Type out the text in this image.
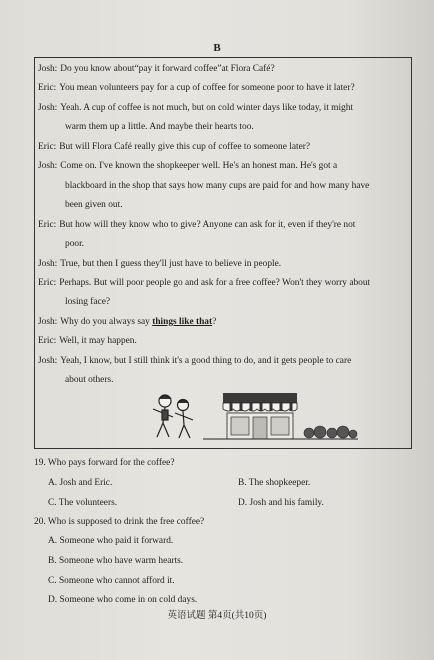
B
Josh: Do you know about“pay it forward coffee”at Flora Café?
Eric: You mean volunteers pay for a cup of coffee for someone poor to have it later?
Josh: Yeah. A cup of coffee is not much, but on cold winter days like today, it might
warm them up a little. And maybe their hearts too.
Eric: But will Flora Café really give this cup of coffee to someone later?
Josh: Come on. I've known the shopkeeper well. He's an honest man. He's got a
blackboard in the shop that says how many cups are paid for and how many have
been given out.
Eric: But how will they know who to give? Anyone can ask for it, even if they're not
poor.
Josh: True, but then I guess they'll just have to believe in people.
Eric: Perhaps. But will poor people go and ask for a free coffee? Won't they worry about
losing face?
Josh: Why do you always say things like that?
Eric: Well, it may happen.
Josh: Yeah, I know, but I still think it's a good thing to do, and it gets people to care
about others.
19. Who pays forward for the coffee?
A. Josh and Eric.	B. The shopkeeper.
C. The volunteers.	D. Josh and his family.
20. Who is supposed to drink the free coffee?
A. Someone who paid it forward.
B. Someone who have warm hearts.
C. Someone who cannot afford it.
D. Someone who come in on cold days.
英语试题 第4页(共10页)
